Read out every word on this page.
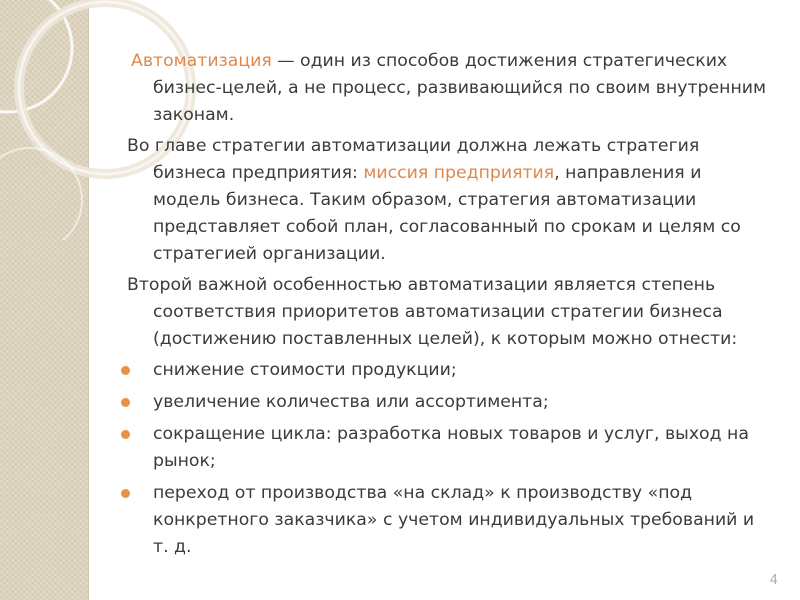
Автоматизация — один из способов достижения стратегических бизнес-целей, а не процесс, развивающийся по своим внутренним законам.

Во главе стратегии автоматизации должна лежать стратегия бизнеса предприятия: миссия предприятия, направления и модель бизнеса. Таким образом, стратегия автоматизации представляет собой план, согласованный по срокам и целям со стратегией организации.

Второй важной особенностью автоматизации является степень соответствия приоритетов автоматизации стратегии бизнеса (достижению поставленных целей), к которым можно отнести:

снижение стоимости продукции;
увеличение количества или ассортимента;
сокращение цикла: разработка новых товаров и услуг, выход на рынок;
переход от производства «на склад» к производству «под конкретного заказчика» с учетом индивидуальных требований и т. д.
4
